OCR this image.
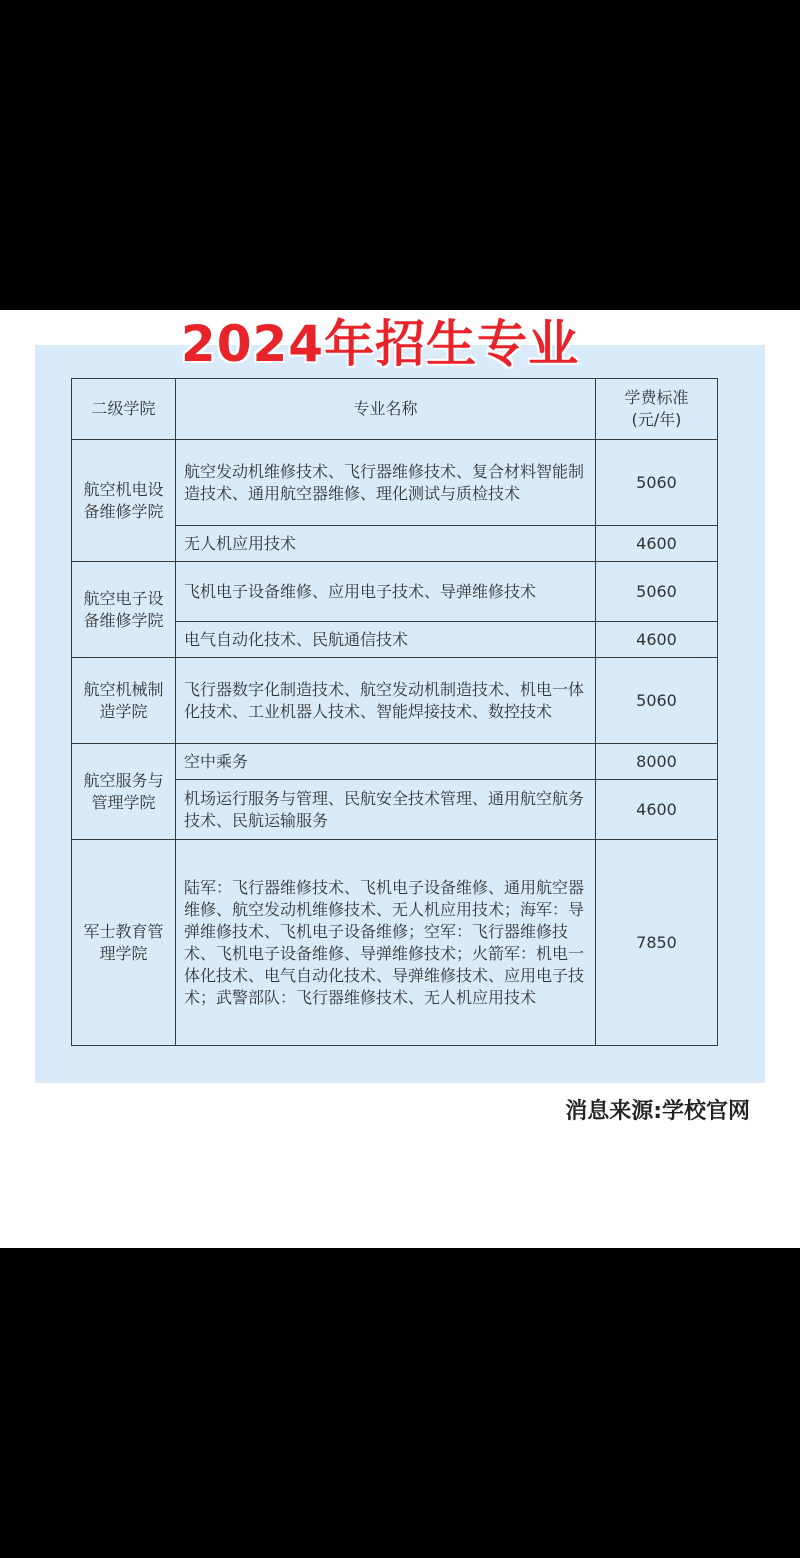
2024年招生专业
二级学院	专业名称	学费标准
(元/年)

航空机电设备维修学院	航空发动机维修技术、飞行器维修技术、复合材料智能制造技术、通用航空器维修、理化测试与质检技术	5060
	无人机应用技术	4600
航空电子设备维修学院	飞机电子设备维修、应用电子技术、导弹维修技术	5060
	电气自动化技术、民航通信技术	4600
航空机械制造学院	飞行器数字化制造技术、航空发动机制造技术、机电一体化技术、工业机器人技术、智能焊接技术、数控技术	5060
航空服务与管理学院	空中乘务	8000
	机场运行服务与管理、民航安全技术管理、通用航空航务技术、民航运输服务	4600
军士教育管理学院	陆军：飞行器维修技术、飞机电子设备维修、通用航空器维修、航空发动机维修技术、无人机应用技术；海军：导弹维修技术、飞机电子设备维修；空军：飞行器维修技术、飞机电子设备维修、导弹维修技术；火箭军：机电一体化技术、电气自动化技术、导弹维修技术、应用电子技术；武警部队：飞行器维修技术、无人机应用技术	7850
消息来源:学校官网
